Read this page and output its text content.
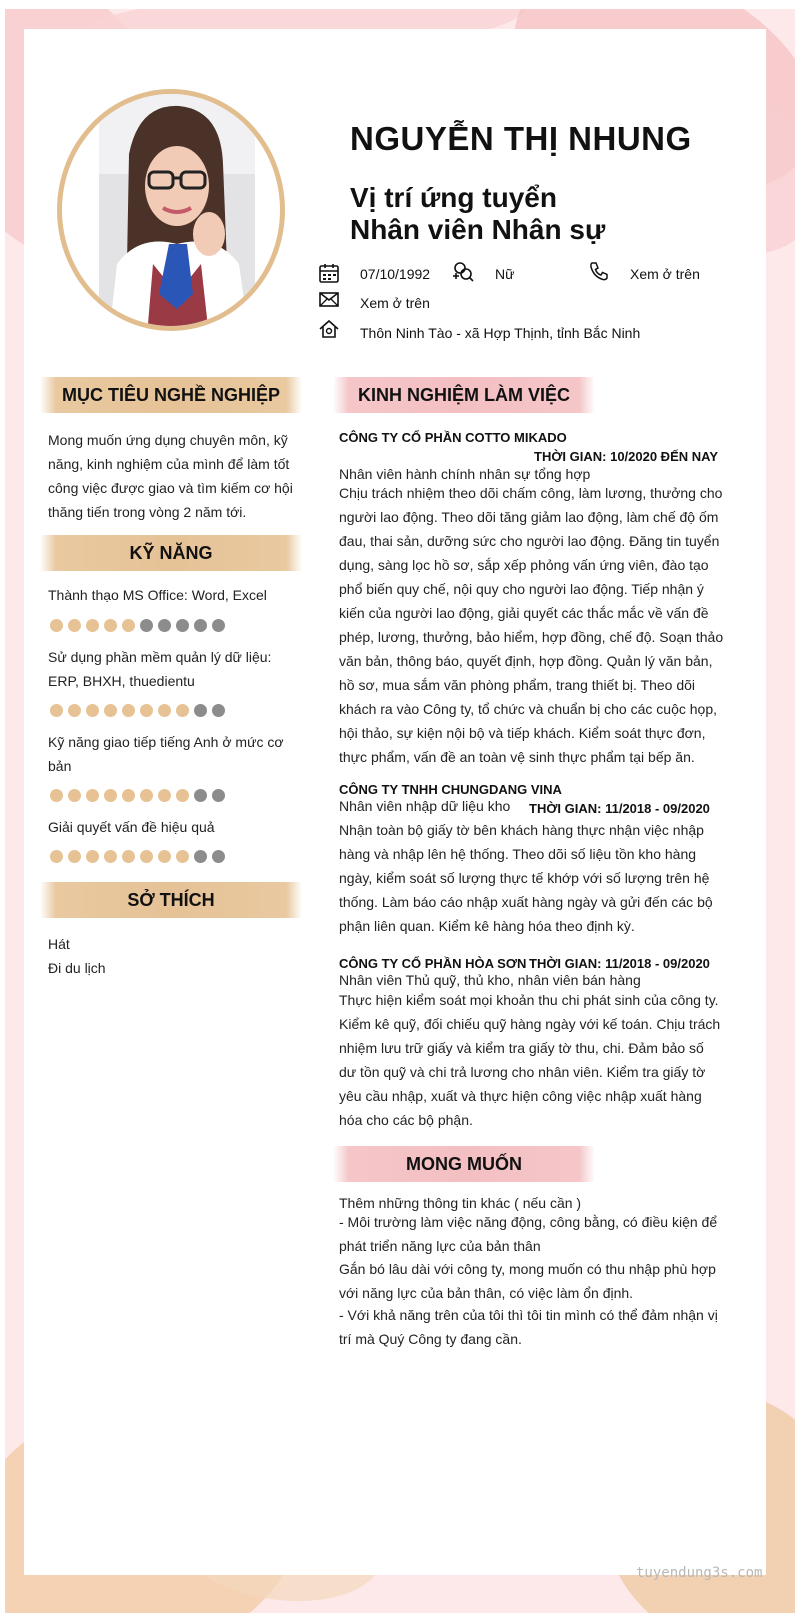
NGUYỄN THỊ NHUNG
Vị trí ứng tuyển
Nhân viên Nhân sự
07/10/1992	Nữ	Xem ở trên
Xem ở trên
Thôn Ninh Tào - xã Hợp Thịnh, tỉnh Bắc Ninh
MỤC TIÊU NGHỀ NGHIỆP
Mong muốn ứng dụng chuyên môn, kỹ năng, kinh nghiệm của mình để làm tốt công việc được giao và tìm kiếm cơ hội thăng tiến trong vòng 2 năm tới.
KỸ NĂNG
Thành thạo MS Office: Word, Excel
Sử dụng phần mềm quản lý dữ liệu: ERP, BHXH, thuedientu
Kỹ năng giao tiếp tiếng Anh ở mức cơ bản
Giải quyết vấn đề hiệu quả
SỞ THÍCH
Hát
Đi du lịch
KINH NGHIỆM LÀM VIỆC
CÔNG TY CỔ PHẦN COTTO MIKADO
THỜI GIAN: 10/2020 ĐẾN NAY
Nhân viên hành chính nhân sự tổng hợp
Chịu trách nhiệm theo dõi chấm công, làm lương, thưởng cho người lao động. Theo dõi tăng giảm lao động, làm chế độ ốm đau, thai sản, dưỡng sức cho người lao động. Đăng tin tuyển dụng, sàng lọc hồ sơ, sắp xếp phỏng vấn ứng viên, đào tạo phổ biến quy chế, nội quy cho người lao động. Tiếp nhận ý kiến của người lao động, giải quyết các thắc mắc về vấn đề phép, lương, thưởng, bảo hiểm, hợp đồng, chế độ. Soạn thảo văn bản, thông báo, quyết định, hợp đồng. Quản lý văn bản, hồ sơ, mua sắm văn phòng phẩm, trang thiết bị. Theo dõi khách ra vào Công ty, tổ chức và chuẩn bị cho các cuộc họp, hội thảo, sự kiện nội bộ và tiếp khách. Kiểm soát thực đơn, thực phẩm, vấn đề an toàn vệ sinh thực phẩm tại bếp ăn.
CÔNG TY TNHH CHUNGDANG VINA
Nhân viên nhập dữ liệu kho THỜI GIAN: 11/2018 - 09/2020
Nhận toàn bộ giấy tờ bên khách hàng thực nhận việc nhập hàng và nhập lên hệ thống. Theo dõi số liệu tồn kho hàng ngày, kiểm soát số lượng thực tế khớp với số lượng trên hệ thống. Làm báo cáo nhập xuất hàng ngày và gửi đến các bộ phận liên quan. Kiểm kê hàng hóa theo định kỳ.
CÔNG TY CỔ PHẦN HÒA SƠN THỜI GIAN: 11/2018 - 09/2020
Nhân viên Thủ quỹ, thủ kho, nhân viên bán hàng
Thực hiện kiểm soát mọi khoản thu chi phát sinh của công ty. Kiểm kê quỹ, đối chiếu quỹ hàng ngày với kế toán. Chịu trách nhiệm lưu trữ giấy và kiểm tra giấy tờ thu, chi. Đảm bảo số dư tồn quỹ và chi trả lương cho nhân viên. Kiểm tra giấy tờ yêu cầu nhập, xuất và thực hiện công việc nhập xuất hàng hóa cho các bộ phận.
MONG MUỐN
Thêm những thông tin khác ( nếu cần )
- Môi trường làm việc năng động, công bằng, có điều kiện để phát triển năng lực của bản thân
Gắn bó lâu dài với công ty, mong muốn có thu nhập phù hợp với năng lực của bản thân, có việc làm ổn định.
- Với khả năng trên của tôi thì tôi tin mình có thể đảm nhận vị trí mà Quý Công ty đang cần.
tuyendung3s.com
